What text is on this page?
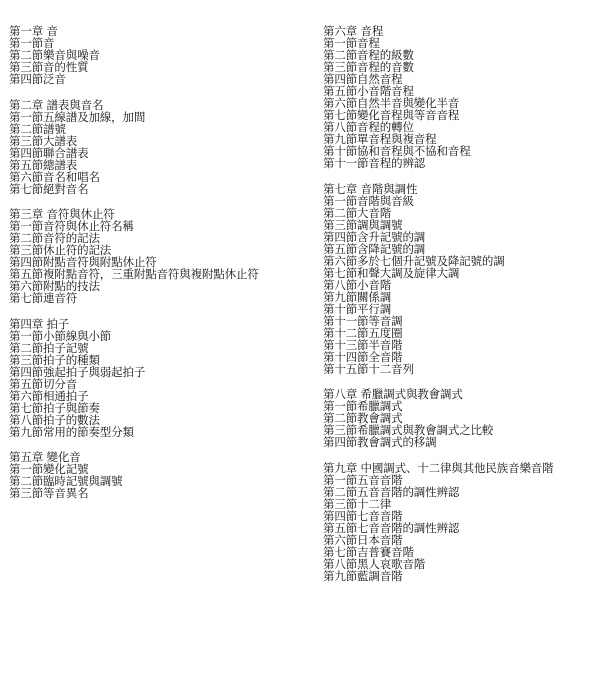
第一章 音
第一節音
第二節樂音與噪音
第三節音的性質
第四節泛音
第二章 譜表與音名
第一節五線譜及加線，加間
第二節譜號
第三節大譜表
第四節聯合譜表
第五節總譜表
第六節音名和唱名
第七節絕對音名
第三章 音符與休止符
第一節音符與休止符名稱
第二節音符的記法
第三節休止符的記法
第四節附點音符與附點休止符
第五節複附點音符，三重附點音符與複附點休止符
第六節附點的技法
第七節連音符
第四章 拍子
第一節小節線與小節
第二節拍子記號
第三節拍子的種類
第四節強起拍子與弱起拍子
第五節切分音
第六節相通拍子
第七節拍子與節奏
第八節拍子的數法
第九節常用的節奏型分類
第五章 變化音
第一節變化記號
第二節臨時記號與調號
第三節等音異名
第六章 音程
第一節音程
第二節音程的級數
第三節音程的音數
第四節自然音程
第五節小音階音程
第六節自然半音與變化半音
第七節變化音程與等音音程
第八節音程的轉位
第九節單音程與複音程
第十節協和音程與不協和音程
第十一節音程的辨認
第七章 音階與調性
第一節音階與音級
第二節大音階
第三節調與調號
第四節含升記號的調
第五節含降記號的調
第六節多於七個升記號及降記號的調
第七節和聲大調及旋律大調
第八節小音階
第九節關係調
第十節平行調
第十一節等音調
第十二節五度圈
第十三節半音階
第十四節全音階
第十五節十二音列
第八章 希臘調式與教會調式
第一節希臘調式
第二節教會調式
第三節希臘調式與教會調式之比較
第四節教會調式的移調
第九章 中國調式、十二律與其他民族音樂音階
第一節五音音階
第二節五音音階的調性辨認
第三節十二律
第四節七音音階
第五節七音音階的調性辨認
第六節日本音階
第七節吉普賽音階
第八節黑人哀歌音階
第九節藍調音階
